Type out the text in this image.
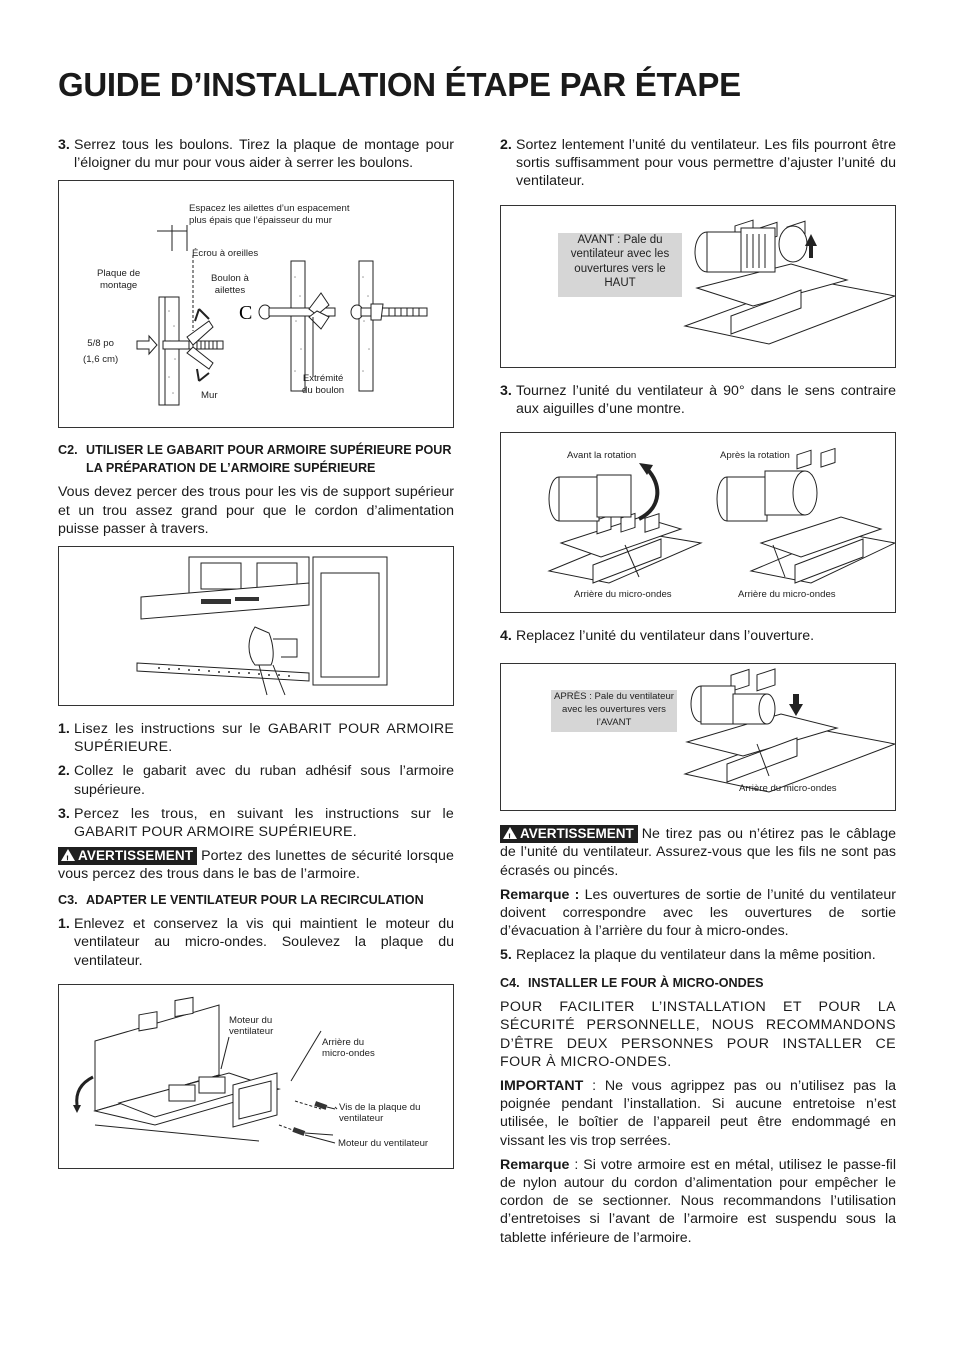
GUIDE D’INSTALLATION ÉTAPE PAR ÉTAPE

3. Serrez tous les boulons. Tirez la plaque de montage pour l’éloigner du mur pour vous aider à serrer les boulons.

C
Espacez les ailettes d’un espacement
plus épais que l’épaisseur du mur
Écrou à oreilles
Plaque de
montage
Boulon à
ailettes
5/8 po
(1,6 cm)
Extrémité
du boulon
Mur
C2. UTILISER LE GABARIT POUR ARMOIRE SUPÉRIEURE POUR LA PRÉPARATION DE L’ARMOIRE SUPÉRIEURE

Vous devez percer des trous pour les vis de support supérieur et un trou assez grand pour que le cordon d’alimentation puisse passer à travers.

1. Lisez les instructions sur le GABARIT POUR ARMOIRE SUPÉRIEURE.

2. Collez le gabarit avec du ruban adhésif sous l’armoire supérieure.

3. Percez les trous, en suivant les instructions sur le GABARIT POUR ARMOIRE SUPÉRIEURE.

!AVERTISSEMENT Portez des lunettes de sécurité lorsque vous percez des trous dans le bas de l’armoire.

C3. ADAPTER LE VENTILATEUR POUR LA RECIRCULATION

1. Enlevez et conservez la vis qui maintient le moteur du ventilateur au micro-ondes. Soulevez la plaque du ventilateur.

Moteur du
ventilateur
Arrière du
micro-ondes
Vis de la plaque du
ventilateur
Moteur du ventilateur

2. Sortez lentement l’unité du ventilateur. Les fils pourront être sortis suffisamment pour vous permettre d’ajuster l’unité du ventilateur.

AVANT : Pale du ventilateur avec les ouvertures vers le HAUT

3. Tournez l’unité du ventilateur à 90° dans le sens contraire aux aiguilles d’une montre.

Avant la rotation	Après la rotation
Arrière du micro-ondes	Arrière du micro-ondes

4. Replacez l’unité du ventilateur dans l’ouverture.

APRÈS : Pale du ventilateur avec les ouvertures vers l’AVANT
Arrière du micro-ondes

!AVERTISSEMENT Ne tirez pas ou n’étirez pas le câblage de l’unité du ventilateur. Assurez-vous que les fils ne sont pas écrasés ou pincés.

Remarque : Les ouvertures de sortie de l’unité du ventilateur doivent correspondre avec les ouvertures de sortie d’évacuation à l’arrière du four à micro-ondes.

5. Replacez la plaque du ventilateur dans la même position.

C4. INSTALLER LE FOUR À MICRO-ONDES

POUR FACILITER L’INSTALLATION ET POUR LA SÉCURITÉ PERSONNELLE, NOUS RECOMMANDONS D’ÊTRE DEUX PERSONNES POUR INSTALLER CE FOUR À MICRO-ONDES.

IMPORTANT : Ne vous agrippez pas ou n’utilisez pas la poignée pendant l’installation. Si aucune entretoise n’est utilisée, le boîtier de l’appareil peut être endommagé en vissant les vis trop serrées.

Remarque : Si votre armoire est en métal, utilisez le passe-fil de nylon autour du cordon d’alimentation pour empêcher le cordon de se sectionner. Nous recommandons l’utilisation d’entretoises si l’avant de l’armoire est suspendu sous la tablette inférieure de l’armoire.
